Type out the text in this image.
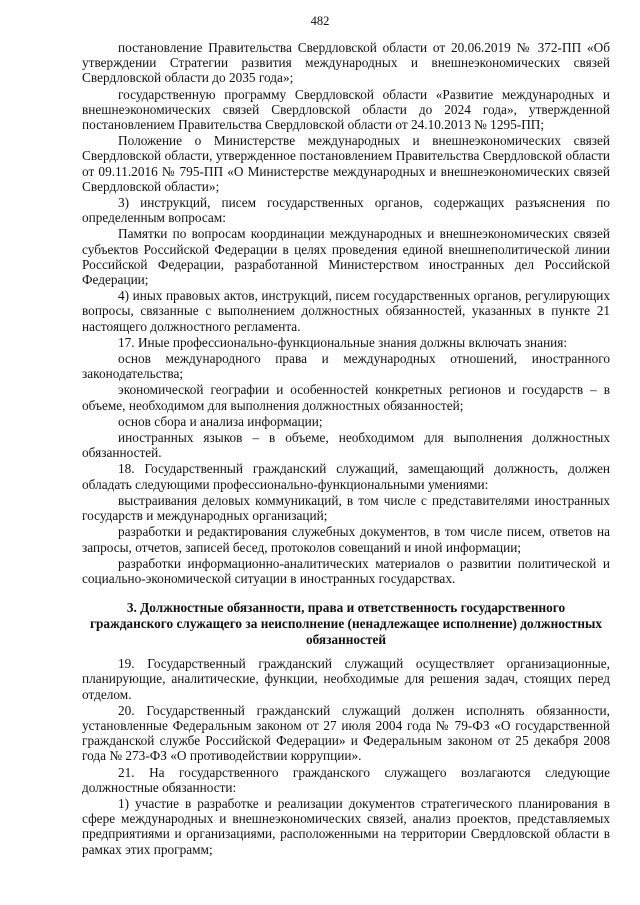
482

постановление Правительства Свердловской области от 20.06.2019 № 372-ПП «Об утверждении Стратегии развития международных и внешнеэкономических связей Свердловской области до 2035 года»;

государственную программу Свердловской области «Развитие международных и внешнеэкономических связей Свердловской области до 2024 года», утвержденной постановлением Правительства Свердловской области от 24.10.2013 № 1295-ПП;

Положение о Министерстве международных и внешнеэкономических связей Свердловской области, утвержденное постановлением Правительства Свердловской области от 09.11.2016 № 795-ПП «О Министерстве международных и внешнеэкономических связей Свердловской области»;

3) инструкций, писем государственных органов, содержащих разъяснения по определенным вопросам:

Памятки по вопросам координации международных и внешнеэкономических связей субъектов Российской Федерации в целях проведения единой внешнеполитической линии Российской Федерации, разработанной Министерством иностранных дел Российской Федерации;

4) иных правовых актов, инструкций, писем государственных органов, регулирующих вопросы, связанные с выполнением должностных обязанностей, указанных в пункте 21 настоящего должностного регламента.

17. Иные профессионально-функциональные знания должны включать знания:

основ международного права и международных отношений, иностранного законодательства;

экономической географии и особенностей конкретных регионов и государств – в объеме, необходимом для выполнения должностных обязанностей;

основ сбора и анализа информации;

иностранных языков – в объеме, необходимом для выполнения должностных обязанностей.

18. Государственный гражданский служащий, замещающий должность, должен обладать следующими профессионально-функциональными умениями:

выстраивания деловых коммуникаций, в том числе с представителями иностранных государств и международных организаций;

разработки и редактирования служебных документов, в том числе писем, ответов на запросы, отчетов, записей бесед, протоколов совещаний и иной информации;

разработки информационно-аналитических материалов о развитии политической и социально-экономической ситуации в иностранных государствах.

3. Должностные обязанности, права и ответственность государственного гражданского служащего за неисполнение (ненадлежащее исполнение) должностных обязанностей

19. Государственный гражданский служащий осуществляет организационные, планирующие, аналитические, функции, необходимые для решения задач, стоящих перед отделом.

20. Государственный гражданский служащий должен исполнять обязанности, установленные Федеральным законом от 27 июля 2004 года № 79-ФЗ «О государственной гражданской службе Российской Федерации» и Федеральным законом от 25 декабря 2008 года № 273-ФЗ «О противодействии коррупции».

21. На государственного гражданского служащего возлагаются следующие должностные обязанности:

1) участие в разработке и реализации документов стратегического планирования в сфере международных и внешнеэкономических связей, анализ проектов, представляемых предприятиями и организациями, расположенными на территории Свердловской области в рамках этих программ;
